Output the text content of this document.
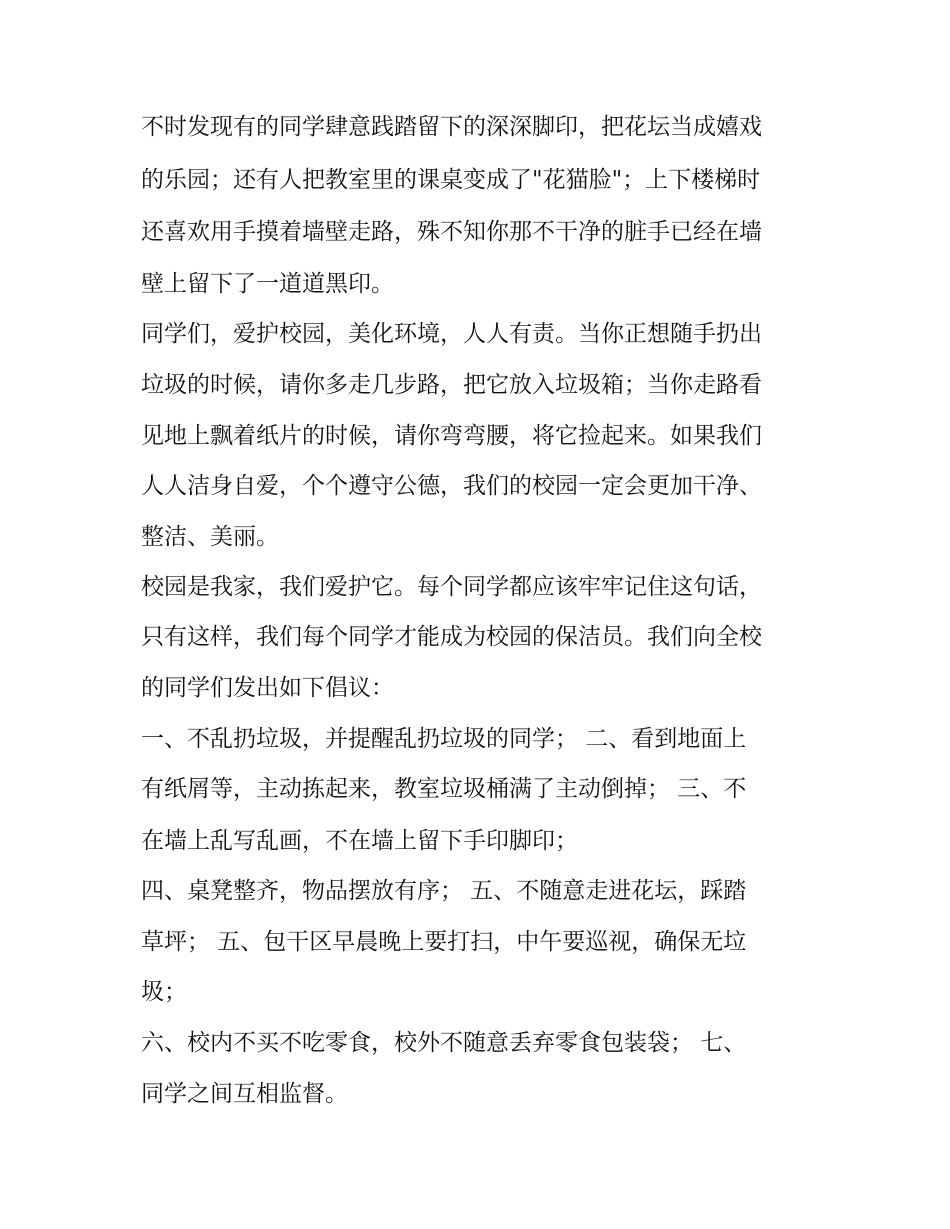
不时发现有的同学肆意践踏留下的深深脚印，把花坛当成嬉戏
的乐园；还有人把教室里的课桌变成了"花猫脸"；上下楼梯时
还喜欢用手摸着墙壁走路，殊不知你那不干净的脏手已经在墙
壁上留下了一道道黑印。
同学们，爱护校园，美化环境，人人有责。当你正想随手扔出
垃圾的时候，请你多走几步路，把它放入垃圾箱；当你走路看
见地上飘着纸片的时候，请你弯弯腰，将它捡起来。如果我们
人人洁身自爱，个个遵守公德，我们的校园一定会更加干净、
整洁、美丽。
校园是我家，我们爱护它。每个同学都应该牢牢记住这句话，
只有这样，我们每个同学才能成为校园的保洁员。我们向全校
的同学们发出如下倡议：
一、不乱扔垃圾，并提醒乱扔垃圾的同学； 二、看到地面上
有纸屑等，主动拣起来，教室垃圾桶满了主动倒掉； 三、不
在墙上乱写乱画，不在墙上留下手印脚印；
四、桌凳整齐，物品摆放有序； 五、不随意走进花坛，踩踏
草坪； 五、包干区早晨晚上要打扫，中午要巡视，确保无垃
圾；
六、校内不买不吃零食，校外不随意丢弃零食包装袋； 七、
同学之间互相监督。
